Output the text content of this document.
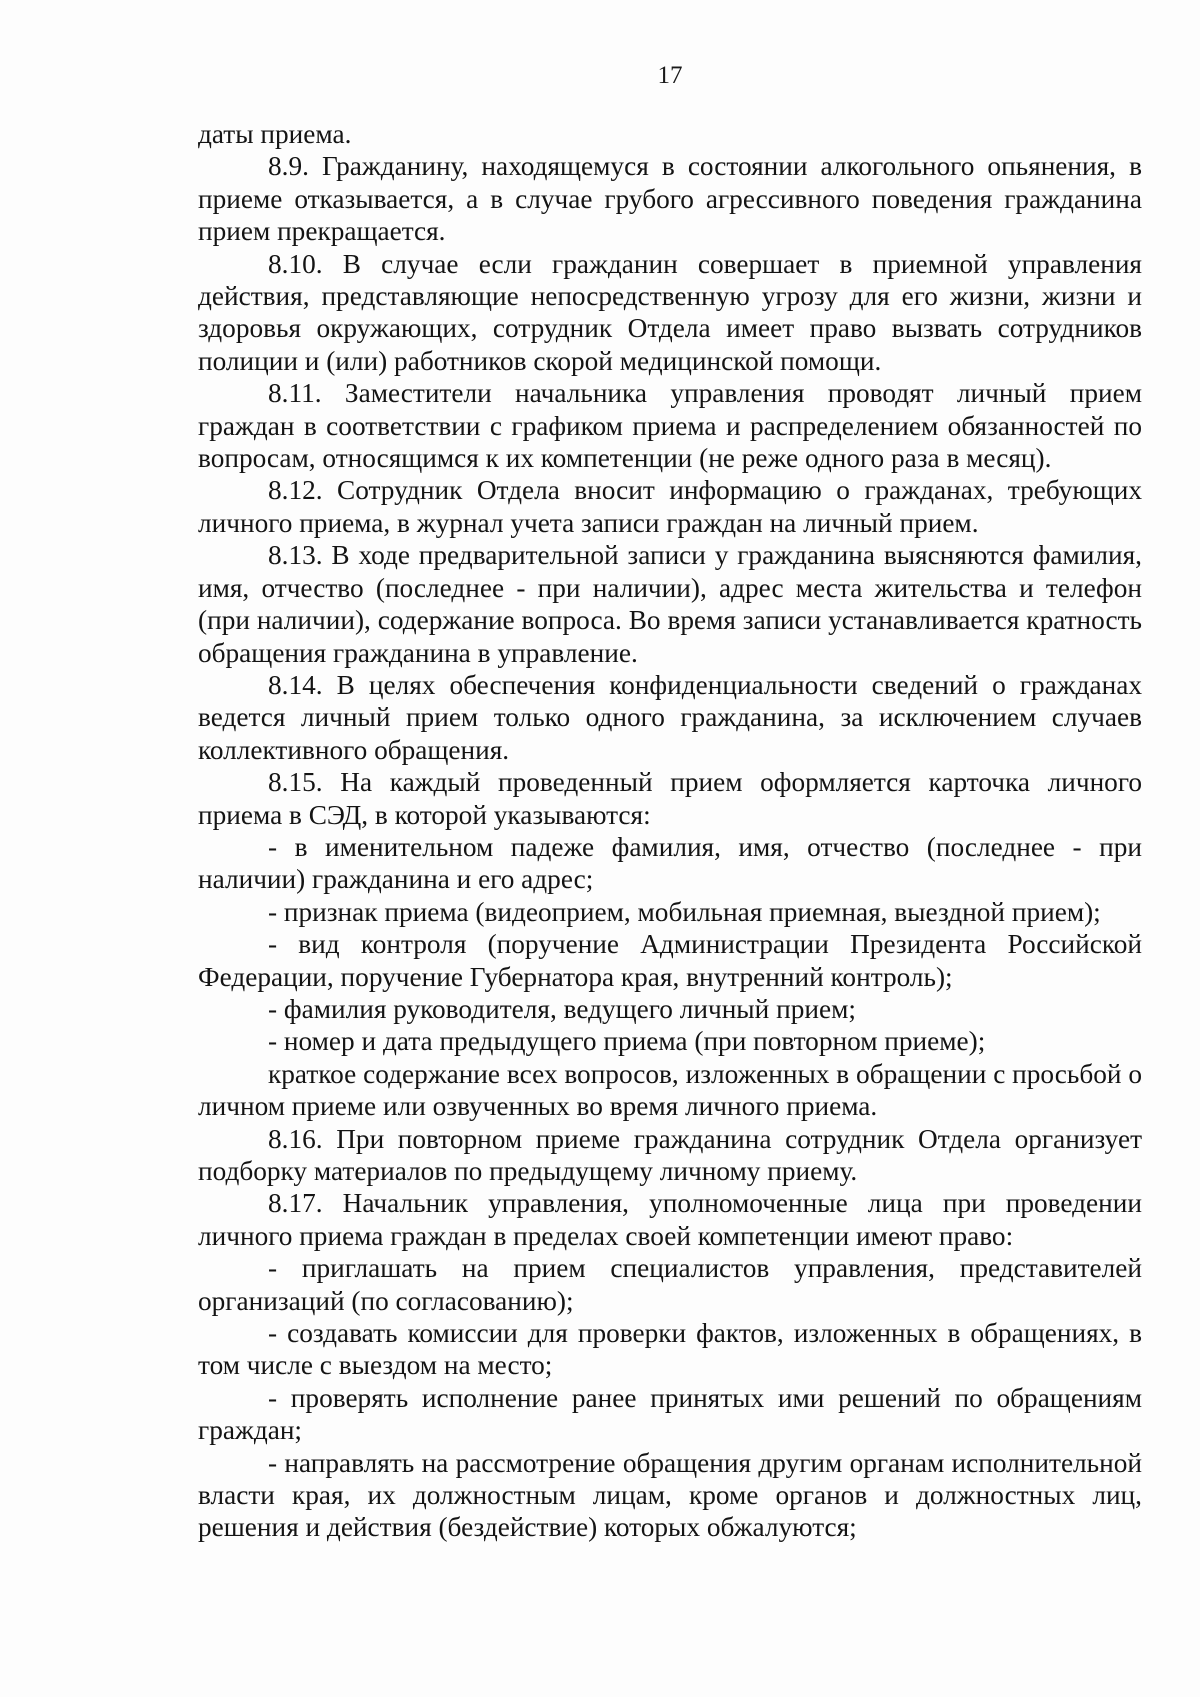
17

даты приема.

8.9. Гражданину, находящемуся в состоянии алкогольного опьянения, в приеме отказывается, а в случае грубого агрессивного поведения гражданина прием прекращается.

8.10. В случае если гражданин совершает в приемной управления действия, представляющие непосредственную угрозу для его жизни, жизни и здоровья окружающих, сотрудник Отдела имеет право вызвать сотрудников полиции и (или) работников скорой медицинской помощи.

8.11. Заместители начальника управления проводят личный прием граждан в соответствии с графиком приема и распределением обязанностей по вопросам, относящимся к их компетенции (не реже одного раза в месяц).

8.12. Сотрудник Отдела вносит информацию о гражданах, требующих личного приема, в журнал учета записи граждан на личный прием.

8.13. В ходе предварительной записи у гражданина выясняются фамилия, имя, отчество (последнее - при наличии), адрес места жительства и телефон (при наличии), содержание вопроса. Во время записи устанавливается кратность обращения гражданина в управление.

8.14. В целях обеспечения конфиденциальности сведений о гражданах ведется личный прием только одного гражданина, за исключением случаев коллективного обращения.

8.15. На каждый проведенный прием оформляется карточка личного приема в СЭД, в которой указываются:

- в именительном падеже фамилия, имя, отчество (последнее - при наличии) гражданина и его адрес;

- признак приема (видеоприем, мобильная приемная, выездной прием);

- вид контроля (поручение Администрации Президента Российской Федерации, поручение Губернатора края, внутренний контроль);

- фамилия руководителя, ведущего личный прием;

- номер и дата предыдущего приема (при повторном приеме);

краткое содержание всех вопросов, изложенных в обращении с просьбой о личном приеме или озвученных во время личного приема.

8.16. При повторном приеме гражданина сотрудник Отдела организует подборку материалов по предыдущему личному приему.

8.17. Начальник управления, уполномоченные лица при проведении личного приема граждан в пределах своей компетенции имеют право:

- приглашать на прием специалистов управления, представителей организаций (по согласованию);

- создавать комиссии для проверки фактов, изложенных в обращениях, в том числе с выездом на место;

- проверять исполнение ранее принятых ими решений по обращениям граждан;

- направлять на рассмотрение обращения другим органам исполнительной власти края, их должностным лицам, кроме органов и должностных лиц, решения и действия (бездействие) которых обжалуются;
